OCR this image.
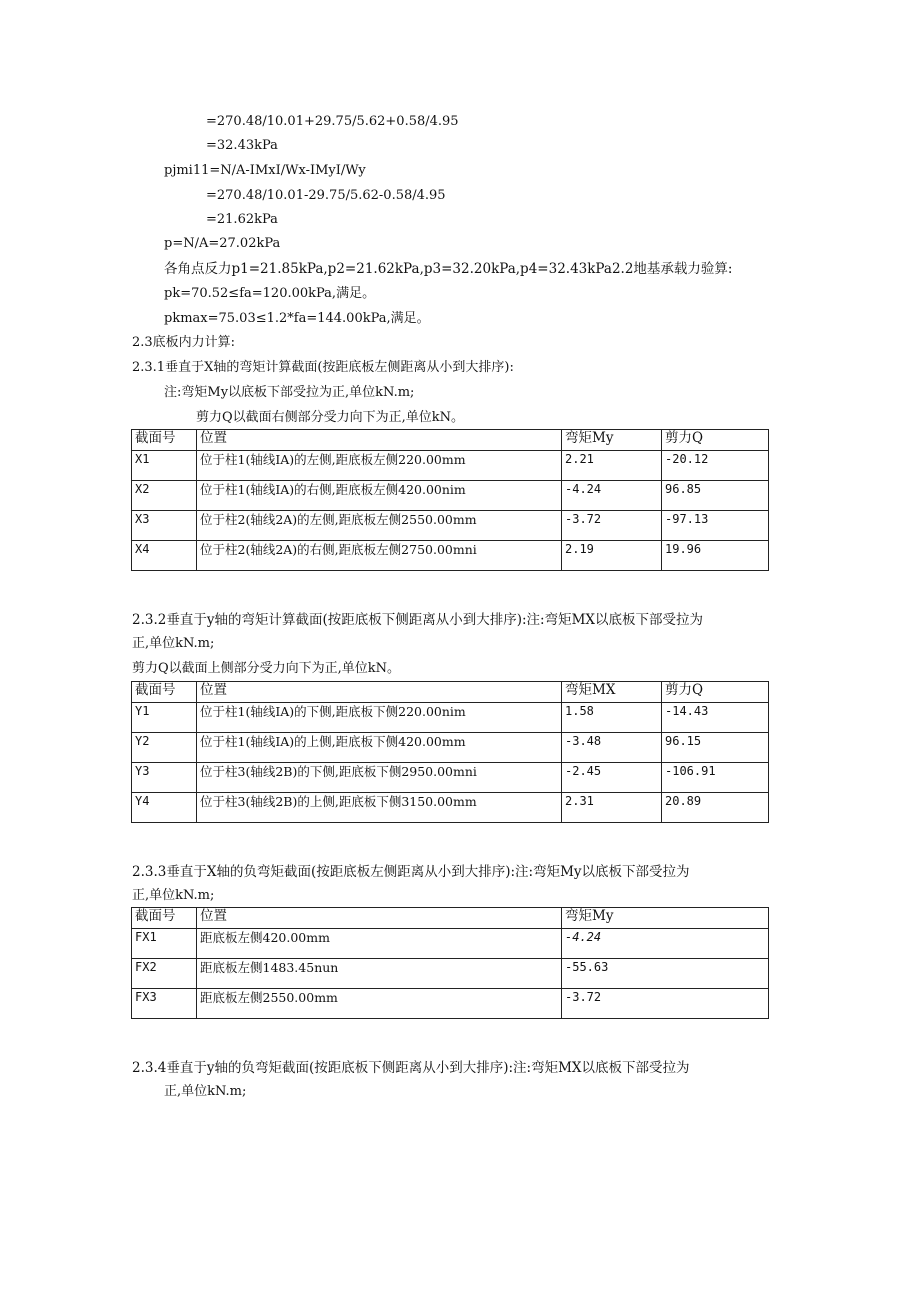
=270.48/10.01+29.75/5.62+0.58/4.95
=32.43kPa
pjmi11=N/A-IMxI/Wx-IMyI/Wy
=270.48/10.01-29.75/5.62-0.58/4.95
=21.62kPa
p=N/A=27.02kPa
各角点反力p1=21.85kPa,p2=21.62kPa,p3=32.20kPa,p4=32.43kPa2.2地基承载力验算:
pk=70.52≤fa=120.00kPa,满足。
pkmax=75.03≤1.2*fa=144.00kPa,满足。
2.3底板内力计算:
2.3.1垂直于X轴的弯矩计算截面(按距底板左侧距离从小到大排序):
注:弯矩My以底板下部受拉为正,单位kN.m;
剪力Q以截面右侧部分受力向下为正,单位kN。
截面号	位置	弯矩My	剪力Q
X1	位于柱1(轴线IA)的左侧,距底板左侧220.00mm	2.21	-20.12
X2	位于柱1(轴线IA)的右侧,距底板左侧420.00nim	-4.24	96.85
X3	位于柱2(轴线2A)的左侧,距底板左侧2550.00mm	-3.72	-97.13
X4	位于柱2(轴线2A)的右侧,距底板左侧2750.00mni	2.19	19.96
2.3.2垂直于y轴的弯矩计算截面(按距底板下侧距离从小到大排序):注:弯矩MX以底板下部受拉为
正,单位kN.m;
剪力Q以截面上侧部分受力向下为正,单位kN。
截面号	位置	弯矩MX	剪力Q
Y1	位于柱1(轴线IA)的下侧,距底板下侧220.00nim	1.58	-14.43
Y2	位于柱1(轴线IA)的上侧,距底板下侧420.00mm	-3.48	96.15
Y3	位于柱3(轴线2B)的下侧,距底板下侧2950.00mni	-2.45	-106.91
Y4	位于柱3(轴线2B)的上侧,距底板下侧3150.00mm	2.31	20.89
2.3.3垂直于X轴的负弯矩截面(按距底板左侧距离从小到大排序):注:弯矩My以底板下部受拉为
正,单位kN.m;
截面号	位置	弯矩My
FX1	距底板左侧420.00mm	-4.24
FX2	距底板左侧1483.45nun	-55.63
FX3	距底板左侧2550.00mm	-3.72
2.3.4垂直于y轴的负弯矩截面(按距底板下侧距离从小到大排序):注:弯矩MX以底板下部受拉为
正,单位kN.m;
